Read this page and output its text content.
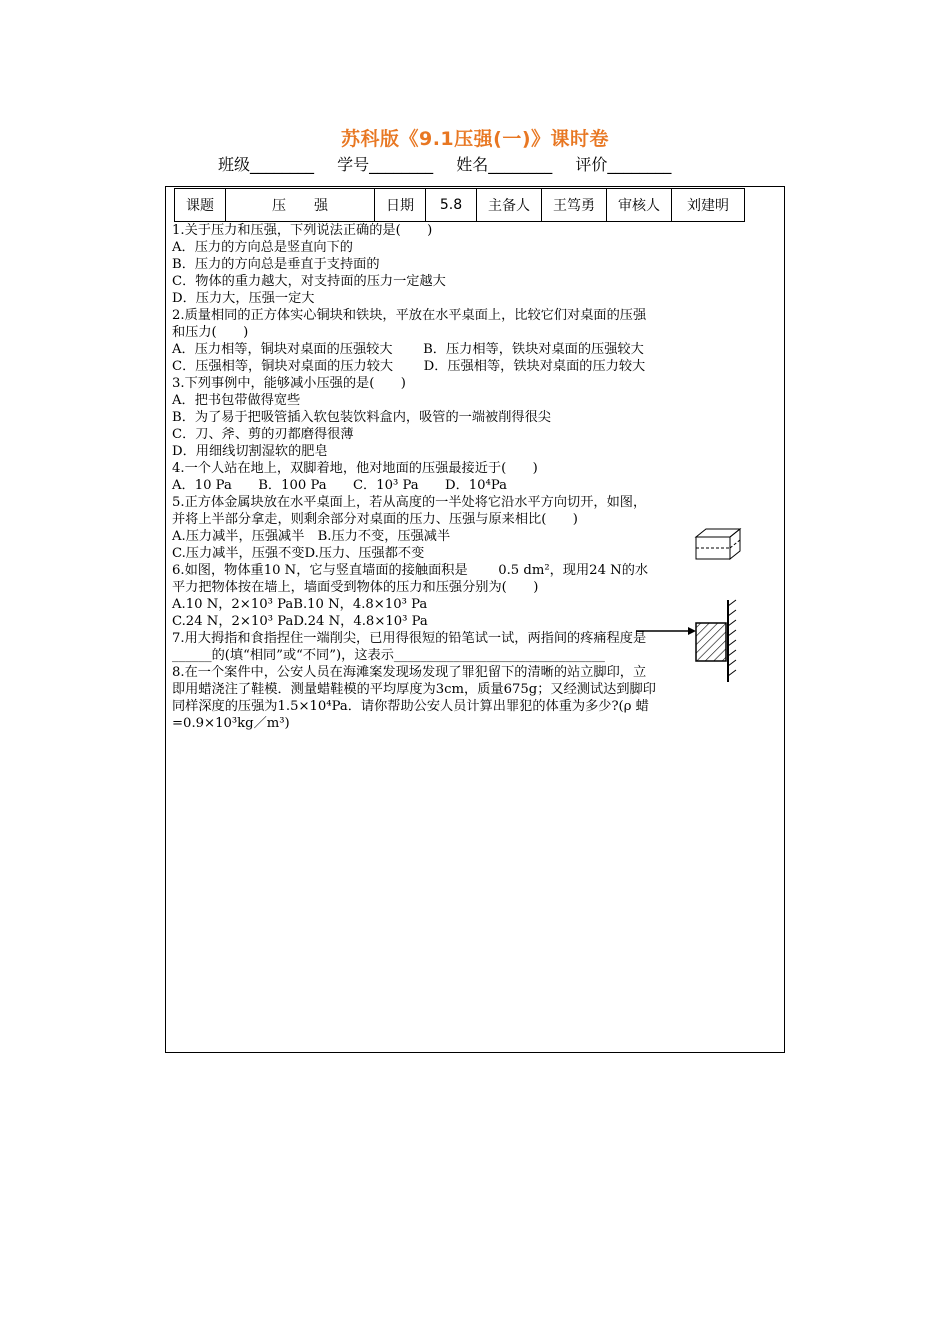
苏科版《9.1压强(一)》课时卷
班级________　 学号________　 姓名________　 评价________
课题	压　　强	日期	5.8	主备人	王笃勇	审核人	刘建明

1.关于压力和压强，下列说法正确的是(　　)

A．压力的方向总是竖直向下的

B．压力的方向总是垂直于支持面的

C．物体的重力越大，对支持面的压力一定越大

D．压力大，压强一定大

2.质量相同的正方体实心铜块和铁块，平放在水平桌面上，比较它们对桌面的压强

和压力(　　)

A．压力相等，铜块对桌面的压强较大　　 B．压力相等，铁块对桌面的压强较大

C．压强相等，铜块对桌面的压力较大　　 D．压强相等，铁块对桌面的压力较大

3.下列事例中，能够减小压强的是(　　)

A．把书包带做得宽些

B．为了易于把吸管插入软包装饮料盒内，吸管的一端被削得很尖

C．刀、斧、剪的刃都磨得很薄

D．用细线切割湿软的肥皂

4.一个人站在地上，双脚着地，他对地面的压强最接近于(　　)

A．10 Pa　　B．100 Pa　　C．10³ Pa　　D．10⁴Pa

5.正方体金属块放在水平桌面上，若从高度的一半处将它沿水平方向切开，如图，

并将上半部分拿走，则剩余部分对桌面的压力、压强与原来相比(　　)

A.压力减半，压强减半　B.压力不变，压强减半

C.压力减半，压强不变D.压力、压强都不变

6.如图，物体重10 N，它与竖直墙面的接触面积是　　 0.5 dm²，现用24 N的水

平力把物体按在墙上，墙面受到物体的压力和压强分别为(　　)

A.10 N，2×10³ PaB.10 N，4.8×10³ Pa

C.24 N，2×10³ PaD.24 N，4.8×10³ Pa

7.用大拇指和食指捏住一端削尖，已用得很短的铅笔试一试，两指间的疼痛程度是

______的(填“相同”或“不同”)，这表示________________________________

8.在一个案件中，公安人员在海滩案发现场发现了罪犯留下的清晰的站立脚印，立

即用蜡浇注了鞋模．测量蜡鞋模的平均厚度为3cm，质量675g；又经测试达到脚印

同样深度的压强为1.5×10⁴Pa．请你帮助公安人员计算出罪犯的体重为多少?(ρ 蜡

=0.9×10³kg／m³)
